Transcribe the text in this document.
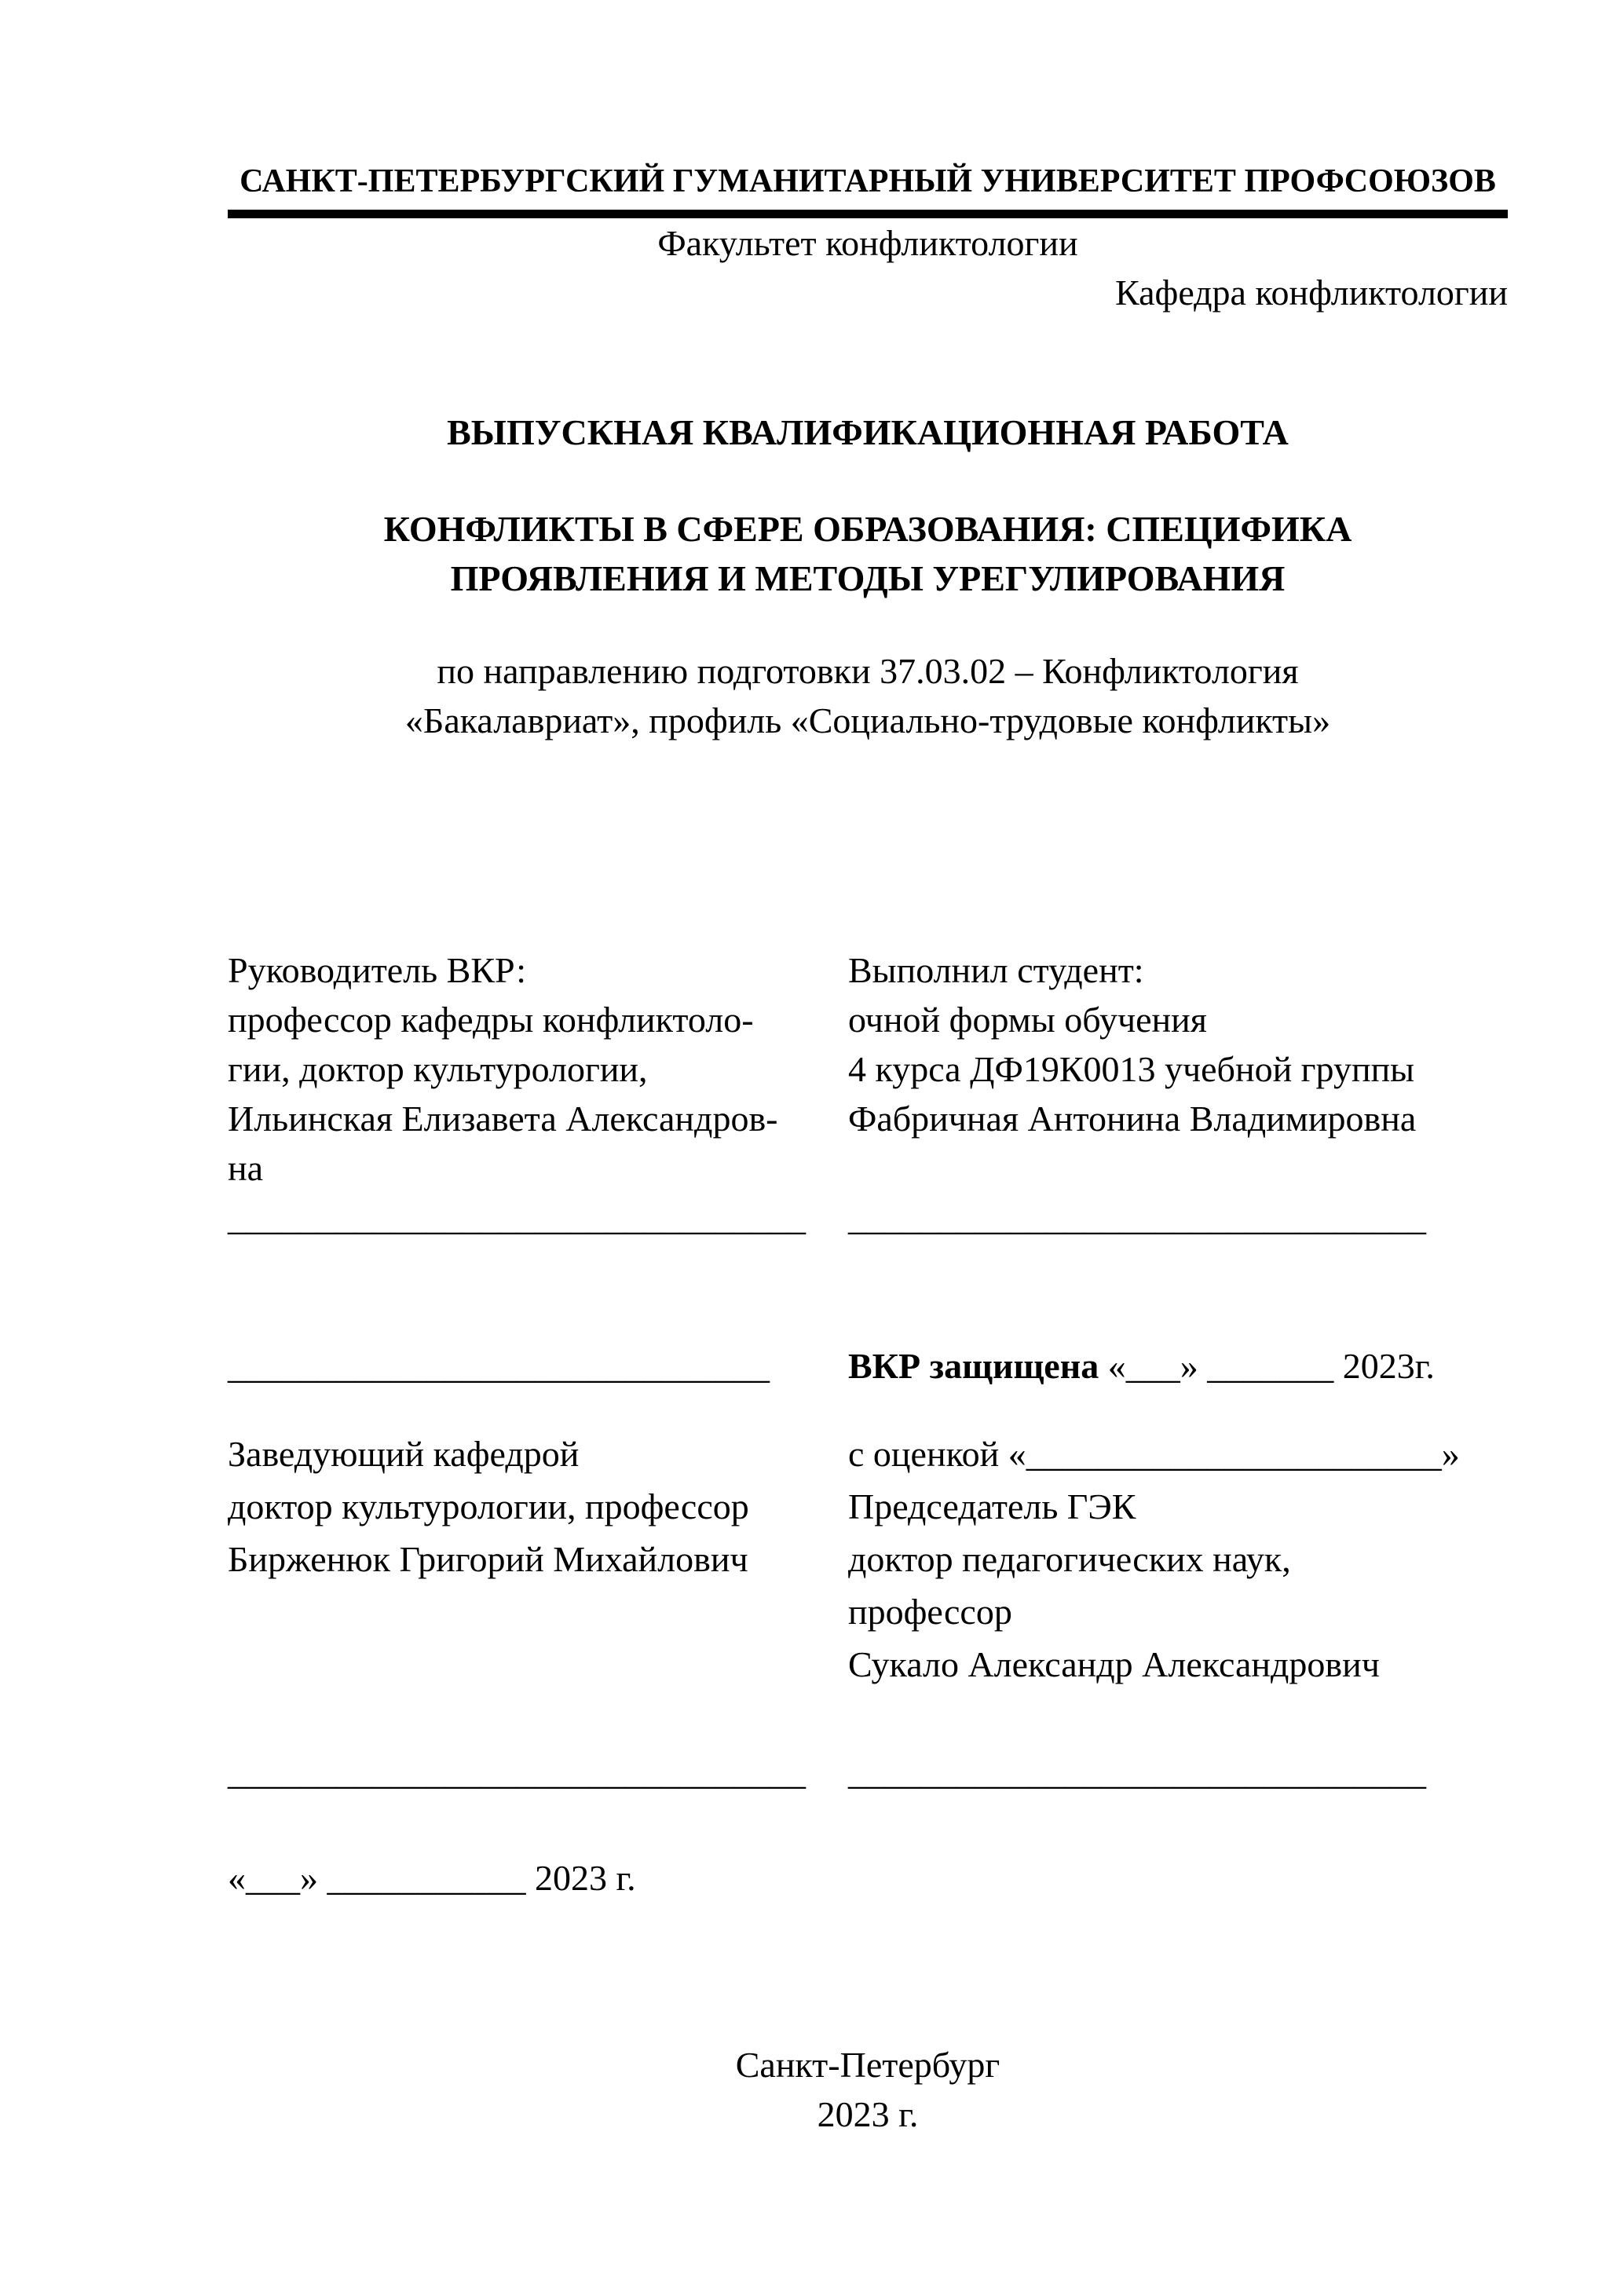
САНКТ-ПЕТЕРБУРГСКИЙ ГУМАНИТАРНЫЙ УНИВЕРСИТЕТ ПРОФСОЮЗОВ
Факультет конфликтологии
Кафедра конфликтологии
ВЫПУСКНАЯ КВАЛИФИКАЦИОННАЯ РАБОТА
КОНФЛИКТЫ В СФЕРЕ ОБРАЗОВАНИЯ: СПЕЦИФИКА
ПРОЯВЛЕНИЯ И МЕТОДЫ УРЕГУЛИРОВАНИЯ
по направлению подготовки 37.03.02 – Конфликтология
«Бакалавриат», профиль «Социально-трудовые конфликты»
Руководитель ВКР:
профессор кафедры конфликтоло-
гии, доктор культурологии,
Ильинская Елизавета Александров-
на
Выполнил студент:
очной формы обучения
4 курса ДФ19К0013 учебной группы
Фабричная Антонина Владимировна
________________________________	________________________________
______________________________	ВКР защищена «___» _______ 2023г.
Заведующий кафедрой
доктор культурологии, профессор
Бирженюк Григорий Михайлович
с оценкой «_______________________»
Председатель ГЭК
доктор педагогических наук,
профессор
Сукало Александр Александрович
________________________________	________________________________
«___» ___________ 2023 г.
Санкт-Петербург
2023 г.
